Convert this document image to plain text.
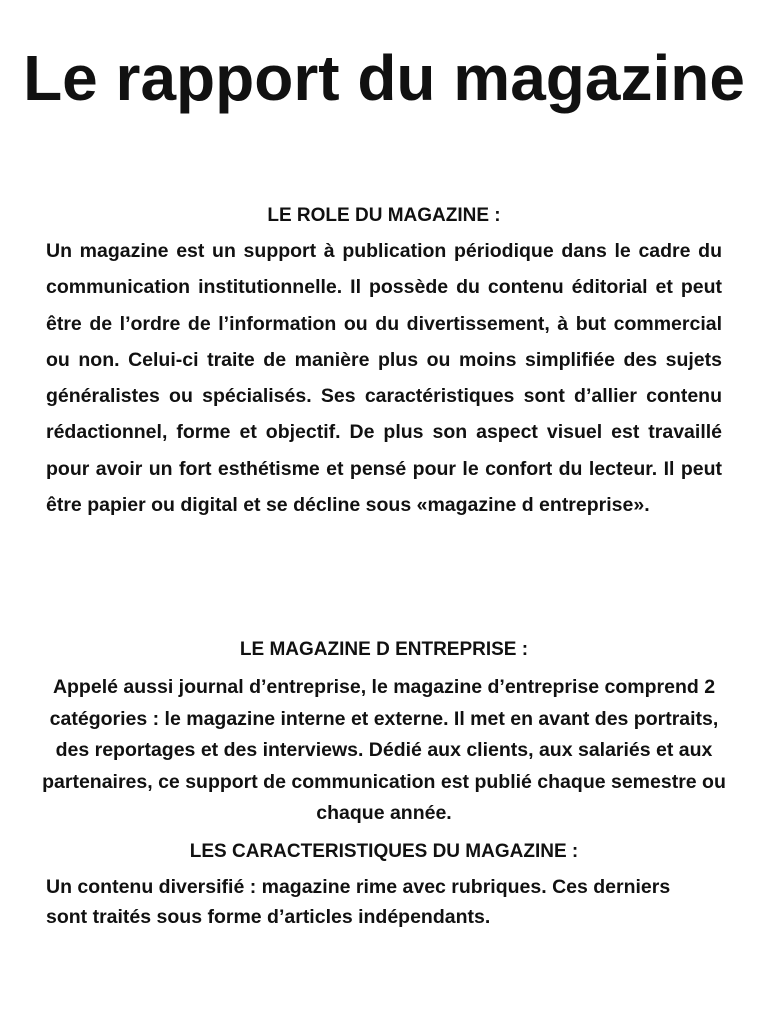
Le rapport du magazine
LE ROLE DU MAGAZINE :

Un magazine est un support à publication périodique dans le cadre du communication institutionnelle. Il possède du contenu éditorial et peut être de l’ordre de l’information ou du divertissement, à but commercial ou non. Celui-ci traite de manière plus ou moins simplifiée des sujets généralistes ou spécialisés. Ses caractéristiques sont d’allier contenu rédactionnel, forme et objectif. De plus son aspect visuel est travaillé pour avoir un fort esthétisme et pensé pour le confort du lecteur. Il peut être papier ou digital et se décline sous «magazine d entreprise».

LE MAGAZINE D ENTREPRISE :

Appelé aussi journal d’entreprise, le magazine d’entreprise comprend 2 catégories : le magazine interne et externe. Il met en avant des portraits, des reportages et des interviews. Dédié aux clients, aux salariés et aux partenaires, ce support de communication est publié chaque semestre ou chaque année.

LES CARACTERISTIQUES DU MAGAZINE :

Un contenu diversifié : magazine rime avec rubriques. Ces derniers sont traités sous forme d’articles indépendants.
